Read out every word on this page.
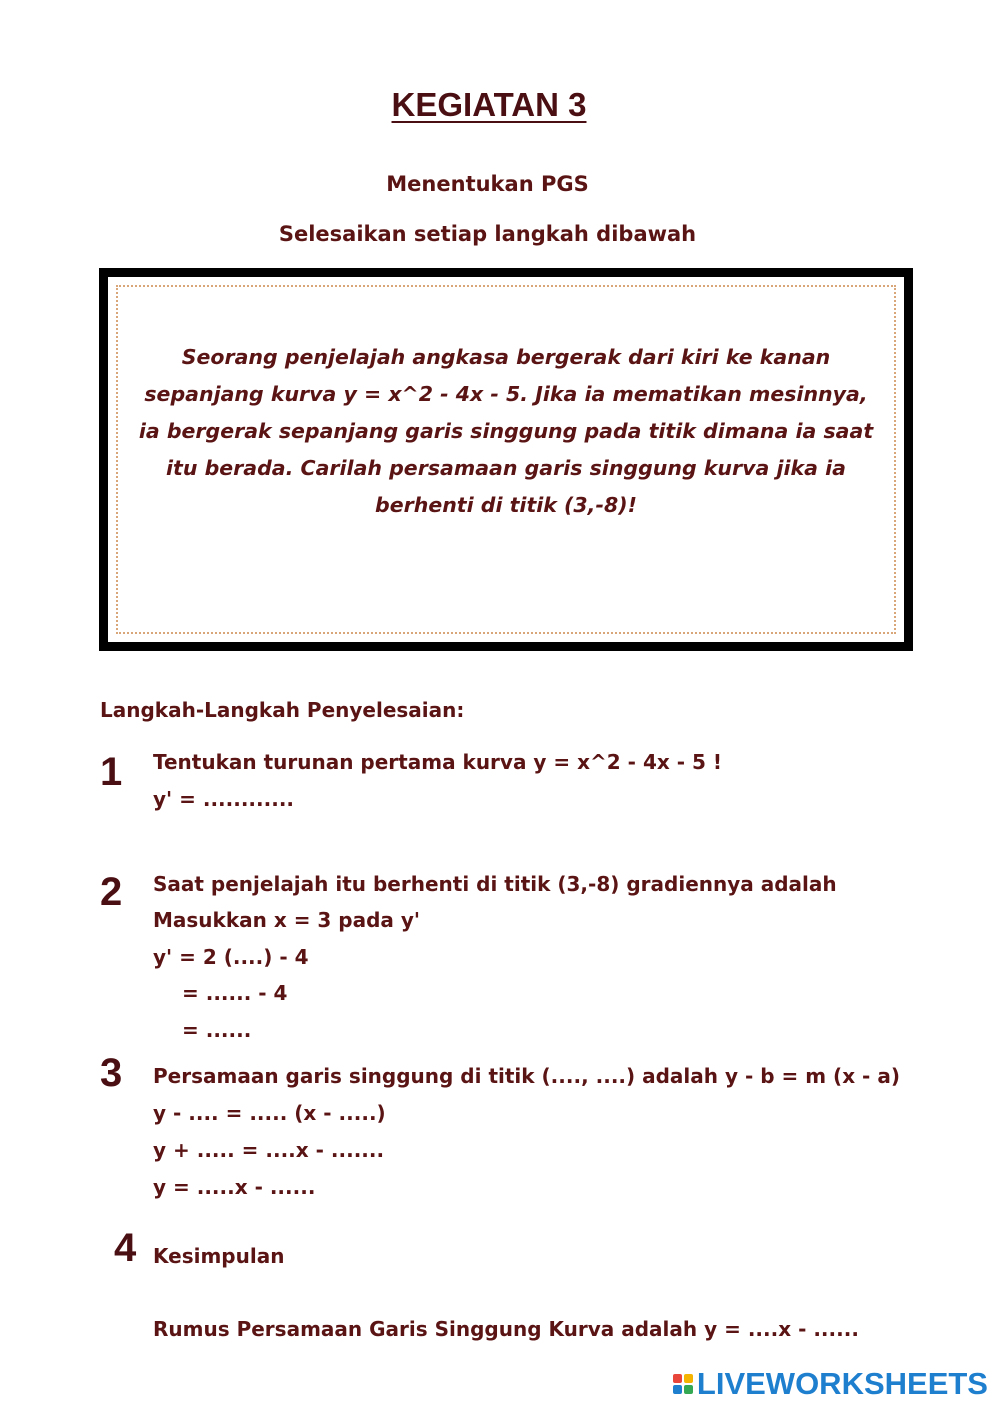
KEGIATAN 3
Menentukan PGS
Selesaikan setiap langkah dibawah
Seorang penjelajah angkasa bergerak dari kiri ke kanan
sepanjang kurva y = x^2 - 4x - 5. Jika ia mematikan mesinnya,
ia bergerak sepanjang garis singgung pada titik dimana ia saat
itu berada. Carilah persamaan garis singgung kurva jika ia
berhenti di titik (3,-8)!
Langkah-Langkah Penyelesaian:
1 Tentukan turunan pertama kurva y = x^2 - 4x - 5 !
y' = ............
2 Saat penjelajah itu berhenti di titik (3,-8) gradiennya adalah
Masukkan x = 3 pada y'
y' = 2 (....) - 4
= ...... - 4
= ......
3 Persamaan garis singgung di titik (...., ....) adalah y - b = m (x - a)
y - .... = ..... (x - .....)
y + ..... = ....x - .......
y = .....x - ......
4 Kesimpulan
Rumus Persamaan Garis Singgung Kurva adalah y = ....x - ......
LIVEWORKSHEETS
